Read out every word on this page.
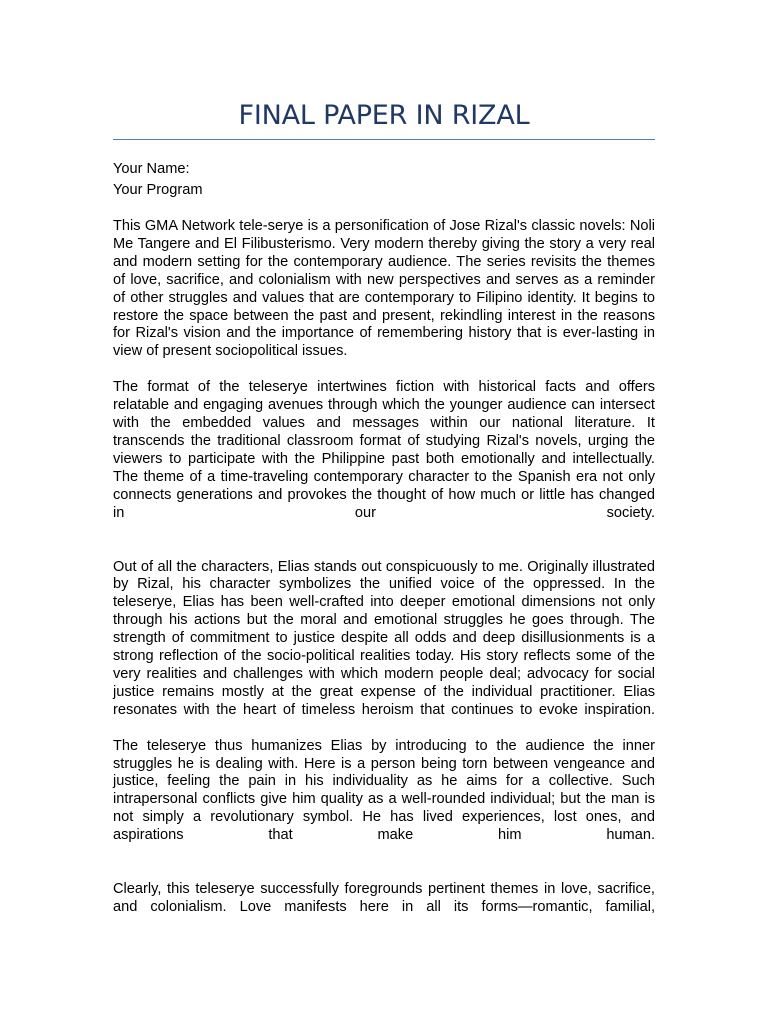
FINAL PAPER IN RIZAL
Your Name:
Your Program

This GMA Network tele-serye is a personification of Jose Rizal's classic novels: Noli Me Tangere and El Filibusterismo. Very modern thereby giving the story a very real and modern setting for the contemporary audience. The series revisits the themes of love, sacrifice, and colonialism with new perspectives and serves as a reminder of other struggles and values that are contemporary to Filipino identity. It begins to restore the space between the past and present, rekindling interest in the reasons for Rizal's vision and the importance of remembering history that is ever-lasting in view of present sociopolitical issues.

The format of the teleserye intertwines fiction with historical facts and offers relatable and engaging avenues through which the younger audience can intersect with the embedded values and messages within our national literature. It transcends the traditional classroom format of studying Rizal's novels, urging the viewers to participate with the Philippine past both emotionally and intellectually. The theme of a time-traveling contemporary character to the Spanish era not only connects generations and provokes the thought of how much or little has changed in our society.

Out of all the characters, Elias stands out conspicuously to me. Originally illustrated by Rizal, his character symbolizes the unified voice of the oppressed. In the teleserye, Elias has been well-crafted into deeper emotional dimensions not only through his actions but the moral and emotional struggles he goes through. The strength of commitment to justice despite all odds and deep disillusionments is a strong reflection of the socio-political realities today. His story reflects some of the very realities and challenges with which modern people deal; advocacy for social justice remains mostly at the great expense of the individual practitioner. Elias resonates with the heart of timeless heroism that continues to evoke inspiration.

The teleserye thus humanizes Elias by introducing to the audience the inner struggles he is dealing with. Here is a person being torn between vengeance and justice, feeling the pain in his individuality as he aims for a collective. Such intrapersonal conflicts give him quality as a well-rounded individual; but the man is not simply a revolutionary symbol. He has lived experiences, lost ones, and aspirations that make him human.

Clearly, this teleserye successfully foregrounds pertinent themes in love, sacrifice, and colonialism. Love manifests here in all its forms—romantic, familial,
